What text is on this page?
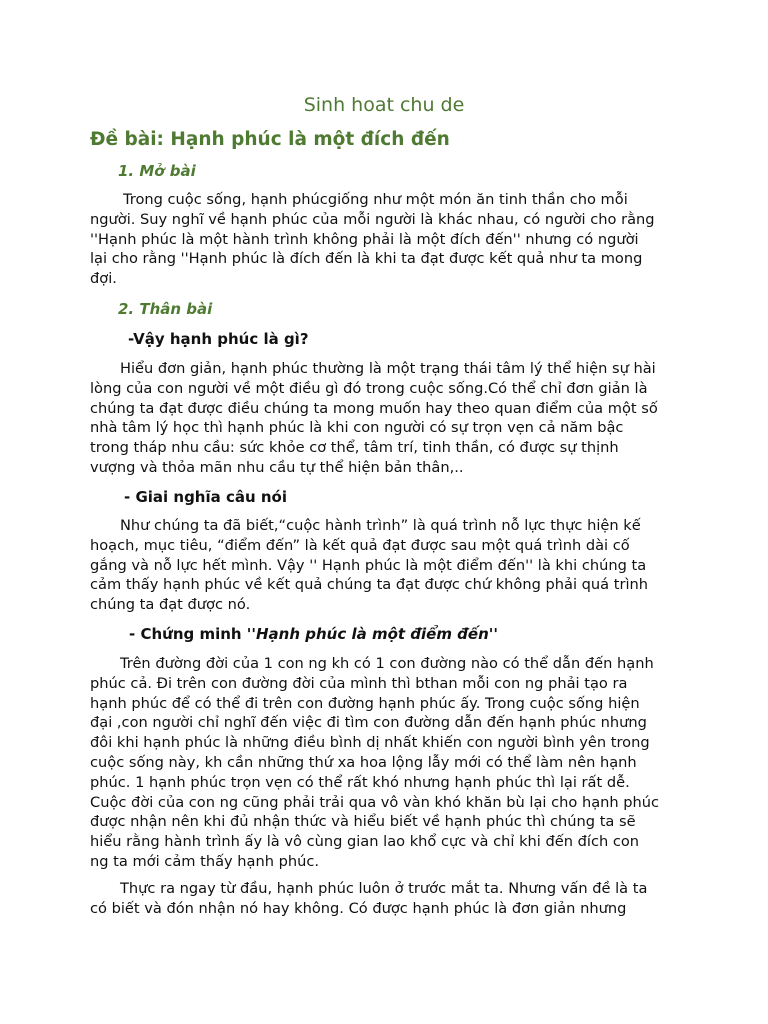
Sinh hoat chu de
Đề bài: Hạnh phúc là một đích đến
1. Mở bài
Trong cuộc sống, hạnh phúcgiống như một món ăn tinh thần cho mỗi
người. Suy nghĩ về hạnh phúc của mỗi người là khác nhau, có người cho rằng
''Hạnh phúc là một hành trình không phải là một đích đến'' nhưng có người
lại cho rằng ''Hạnh phúc là đích đến là khi ta đạt được kết quả như ta mong
đợi.
2. Thân bài
-Vậy hạnh phúc là gì?
Hiểu đơn giản, hạnh phúc thường là một trạng thái tâm lý thể hiện sự hài
lòng của con người về một điều gì đó trong cuộc sống.Có thể chỉ đơn giản là
chúng ta đạt được điều chúng ta mong muốn hay theo quan điểm của một số
nhà tâm lý học thì hạnh phúc là khi con người có sự trọn vẹn cả năm bậc
trong tháp nhu cầu: sức khỏe cơ thể, tâm trí, tinh thần, có được sự thịnh
vượng và thỏa mãn nhu cầu tự thể hiện bản thân,..
- Giai nghĩa câu nói
Như chúng ta đã biết,“cuộc hành trình” là quá trình nỗ lực thực hiện kế
hoạch, mục tiêu, “điểm đến” là kết quả đạt được sau một quá trình dài cố
gắng và nỗ lực hết mình. Vậy '' Hạnh phúc là một điểm đến'' là khi chúng ta
cảm thấy hạnh phúc về kết quả chúng ta đạt được chứ không phải quá trình
chúng ta đạt được nó.
- Chứng minh ''Hạnh phúc là một điểm đến''
Trên đường đời của 1 con ng kh có 1 con đường nào có thể dẫn đến hạnh
phúc cả. Đi trên con đường đời của mình thì bthan mỗi con ng phải tạo ra
hạnh phúc để có thể đi trên con đường hạnh phúc ấy. Trong cuộc sống hiện
đại ,con người chỉ nghĩ đến việc đi tìm con đường dẫn đến hạnh phúc nhưng
đôi khi hạnh phúc là những điều bình dị nhất khiến con người bình yên trong
cuộc sống này, kh cần những thứ xa hoa lộng lẫy mới có thể làm nên hạnh
phúc. 1 hạnh phúc trọn vẹn có thể rất khó nhưng hạnh phúc thì lại rất dễ.
Cuộc đời của con ng cũng phải trải qua vô vàn khó khăn bù lại cho hạnh phúc
được nhận nên khi đủ nhận thức và hiểu biết về hạnh phúc thì chúng ta sẽ
hiểu rằng hành trình ấy là vô cùng gian lao khổ cực và chỉ khi đến đích con
ng ta mới cảm thấy hạnh phúc.
Thực ra ngay từ đầu, hạnh phúc luôn ở trước mắt ta. Nhưng vấn đề là ta
có biết và đón nhận nó hay không. Có được hạnh phúc là đơn giản nhưng
